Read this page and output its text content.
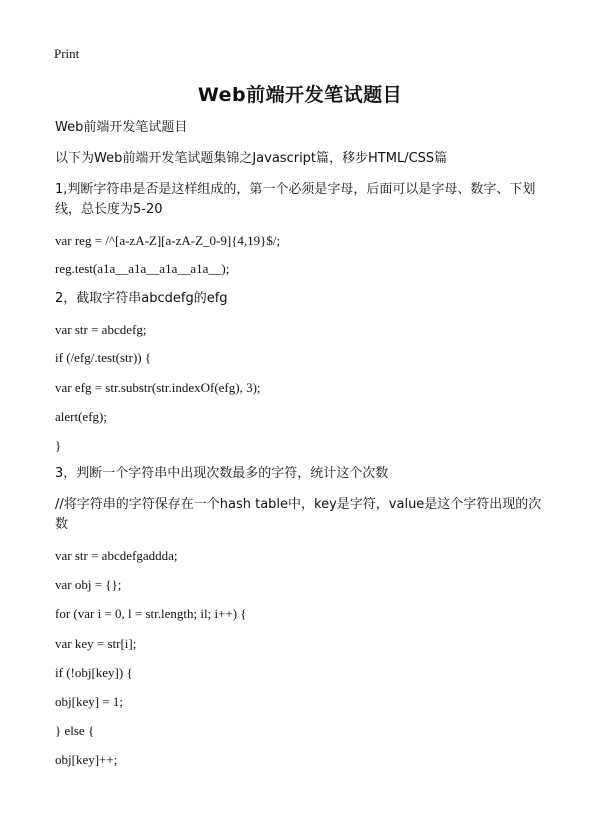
Print
Web前端开发笔试题目
Web前端开发笔试题目
以下为Web前端开发笔试题集锦之Javascript篇，移步HTML/CSS篇
1,判断字符串是否是这样组成的，第一个必须是字母，后面可以是字母、数字、下划线，总长度为5-20
var reg = /^[a-zA-Z][a-zA-Z_0-9]{4,19}$/;
reg.test(a1a__a1a__a1a__a1a__);
2，截取字符串abcdefg的efg
var str = abcdefg;
if (/efg/.test(str)) {
var efg = str.substr(str.indexOf(efg), 3);
alert(efg);
}
3，判断一个字符串中出现次数最多的字符，统计这个次数
//将字符串的字符保存在一个hash table中，key是字符，value是这个字符出现的次数
var str = abcdefgaddda;
var obj = {};
for (var i = 0, l = str.length; il; i++) {
var key = str[i];
if (!obj[key]) {
obj[key] = 1;
} else {
obj[key]++;
